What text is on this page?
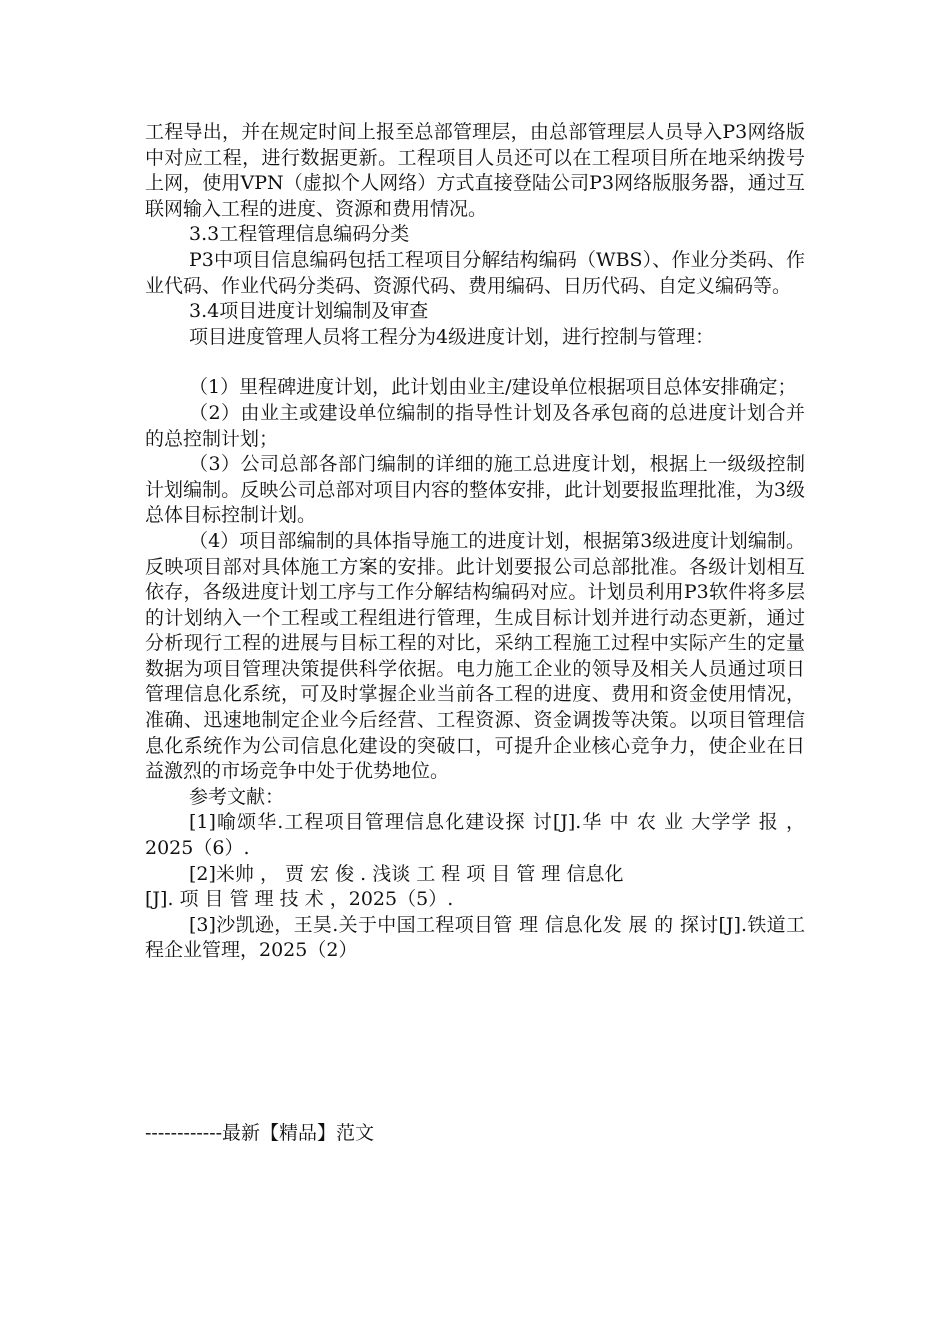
工程导出，并在规定时间上报至总部管理层，由总部管理层人员导入P3网络版中对应工程，进行数据更新。工程项目人员还可以在工程项目所在地采纳拨号上网，使用VPN（虚拟个人网络）方式直接登陆公司P3网络版服务器，通过互联网输入工程的进度、资源和费用情况。

3.3工程管理信息编码分类

P3中项目信息编码包括工程项目分解结构编码（WBS）、作业分类码、作业代码、作业代码分类码、资源代码、费用编码、日历代码、自定义编码等。

3.4项目进度计划编制及审查

项目进度管理人员将工程分为4级进度计划，进行控制与管理：

（1）里程碑进度计划，此计划由业主/建设单位根据项目总体安排确定；

（2）由业主或建设单位编制的指导性计划及各承包商的总进度计划合并的总控制计划；

（3）公司总部各部门编制的详细的施工总进度计划，根据上一级级控制计划编制。反映公司总部对项目内容的整体安排，此计划要报监理批准，为3级总体目标控制计划。

（4）项目部编制的具体指导施工的进度计划，根据第3级进度计划编制。反映项目部对具体施工方案的安排。此计划要报公司总部批准。各级计划相互依存，各级进度计划工序与工作分解结构编码对应。计划员利用P3软件将多层的计划纳入一个工程或工程组进行管理，生成目标计划并进行动态更新，通过分析现行工程的进展与目标工程的对比，采纳工程施工过程中实际产生的定量数据为项目管理决策提供科学依据。电力施工企业的领导及相关人员通过项日管理信息化系统，可及时掌握企业当前各工程的进度、费用和资金使用情况，准确、迅速地制定企业今后经营、工程资源、资金调拨等决策。以项目管理信息化系统作为公司信息化建设的突破口，可提升企业核心竞争力，使企业在日益激烈的市场竞争中处于优势地位。

参考文献：

[1]喻颂华.工程项目管理信息化建设探 讨[J].华 中 农 业 大学学 报 ，2025（6）.

[2]米帅 ， 贾 宏 俊 . 浅谈 工 程 项 目 管 理 信息化

[J]. 项 目 管 理 技 术 ，2025（5）.

[3]沙凯逊，王昊.关于中国工程项目管 理 信息化发 展 的 探讨[J].铁道工程企业管理，2025（2）

------------最新【精品】范文
